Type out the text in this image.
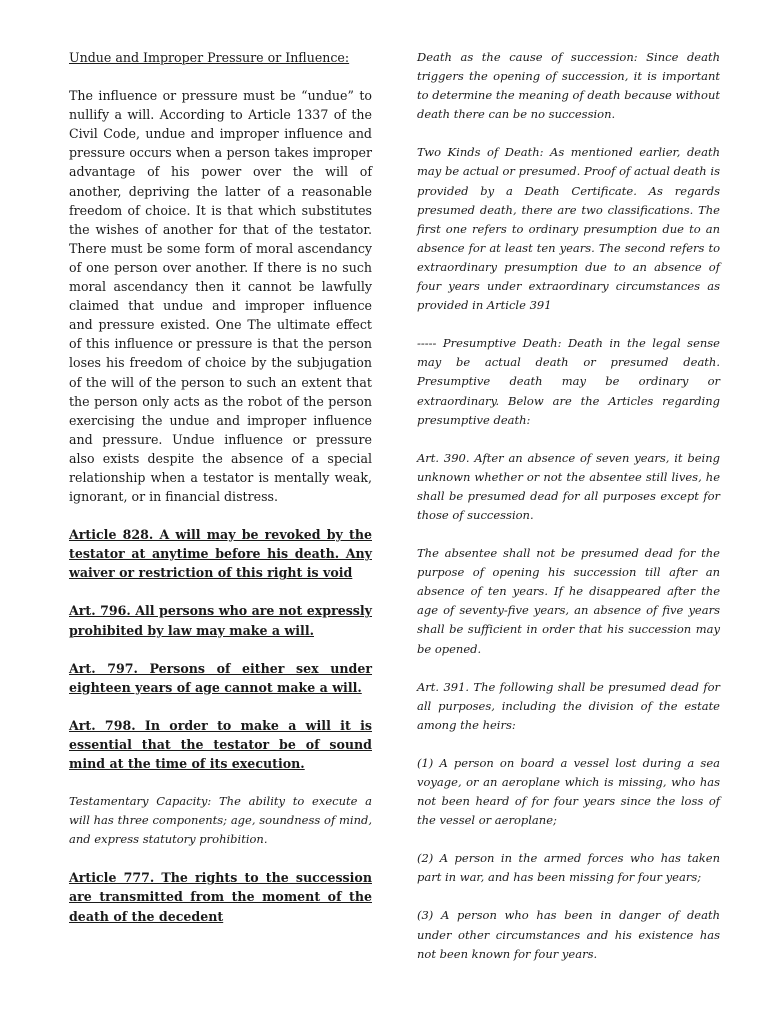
Undue and Improper Pressure or Influence:

The influence or pressure must be “undue” to nullify a will. According to Article 1337 of the Civil Code, undue and improper influence and pressure occurs when a person takes improper advantage of his power over the will of another, depriving the latter of a reasonable freedom of choice. It is that which substitutes the wishes of another for that of the testator. There must be some form of moral ascendancy of one person over another. If there is no such moral ascendancy then it cannot be lawfully claimed that undue and improper influence and pressure existed. One The ultimate effect of this influence or pressure is that the person loses his freedom of choice by the subjugation of the will of the person to such an extent that the person only acts as the robot of the person exercising the undue and improper influence and pressure. Undue influence or pressure also exists despite the absence of a special relationship when a testator is mentally weak, ignorant, or in financial distress.

Article 828. A will may be revoked by the testator at anytime before his death. Any waiver or restriction of this right is void

Art. 796. All persons who are not expressly prohibited by law may make a will.

Art. 797. Persons of either sex under eighteen years of age cannot make a will.

Art. 798. In order to make a will it is essential that the testator be of sound mind at the time of its execution.

Testamentary Capacity: The ability to execute a will has three components; age, soundness of mind, and express statutory prohibition.

Article 777. The rights to the succession are transmitted from the moment of the death of the decedent

Death as the cause of succession: Since death triggers the opening of succession, it is important to determine the meaning of death because without death there can be no succession.

Two Kinds of Death: As mentioned earlier, death may be actual or presumed. Proof of actual death is provided by a Death Certificate. As regards presumed death, there are two classifications. The first one refers to ordinary presumption due to an absence for at least ten years. The second refers to extraordinary presumption due to an absence of four years under extraordinary circumstances as provided in Article 391

----- Presumptive Death: Death in the legal sense may be actual death or presumed death. Presumptive death may be ordinary or extraordinary. Below are the Articles regarding presumptive death:

Art. 390. After an absence of seven years, it being unknown whether or not the absentee still lives, he shall be presumed dead for all purposes except for those of succession.

The absentee shall not be presumed dead for the purpose of opening his succession till after an absence of ten years. If he disappeared after the age of seventy-five years, an absence of five years shall be sufficient in order that his succession may be opened.

Art. 391. The following shall be presumed dead for all purposes, including the division of the estate among the heirs:

(1) A person on board a vessel lost during a sea voyage, or an aeroplane which is missing, who has not been heard of for four years since the loss of the vessel or aeroplane;

(2) A person in the armed forces who has taken part in war, and has been missing for four years;

(3) A person who has been in danger of death under other circumstances and his existence has not been known for four years.
